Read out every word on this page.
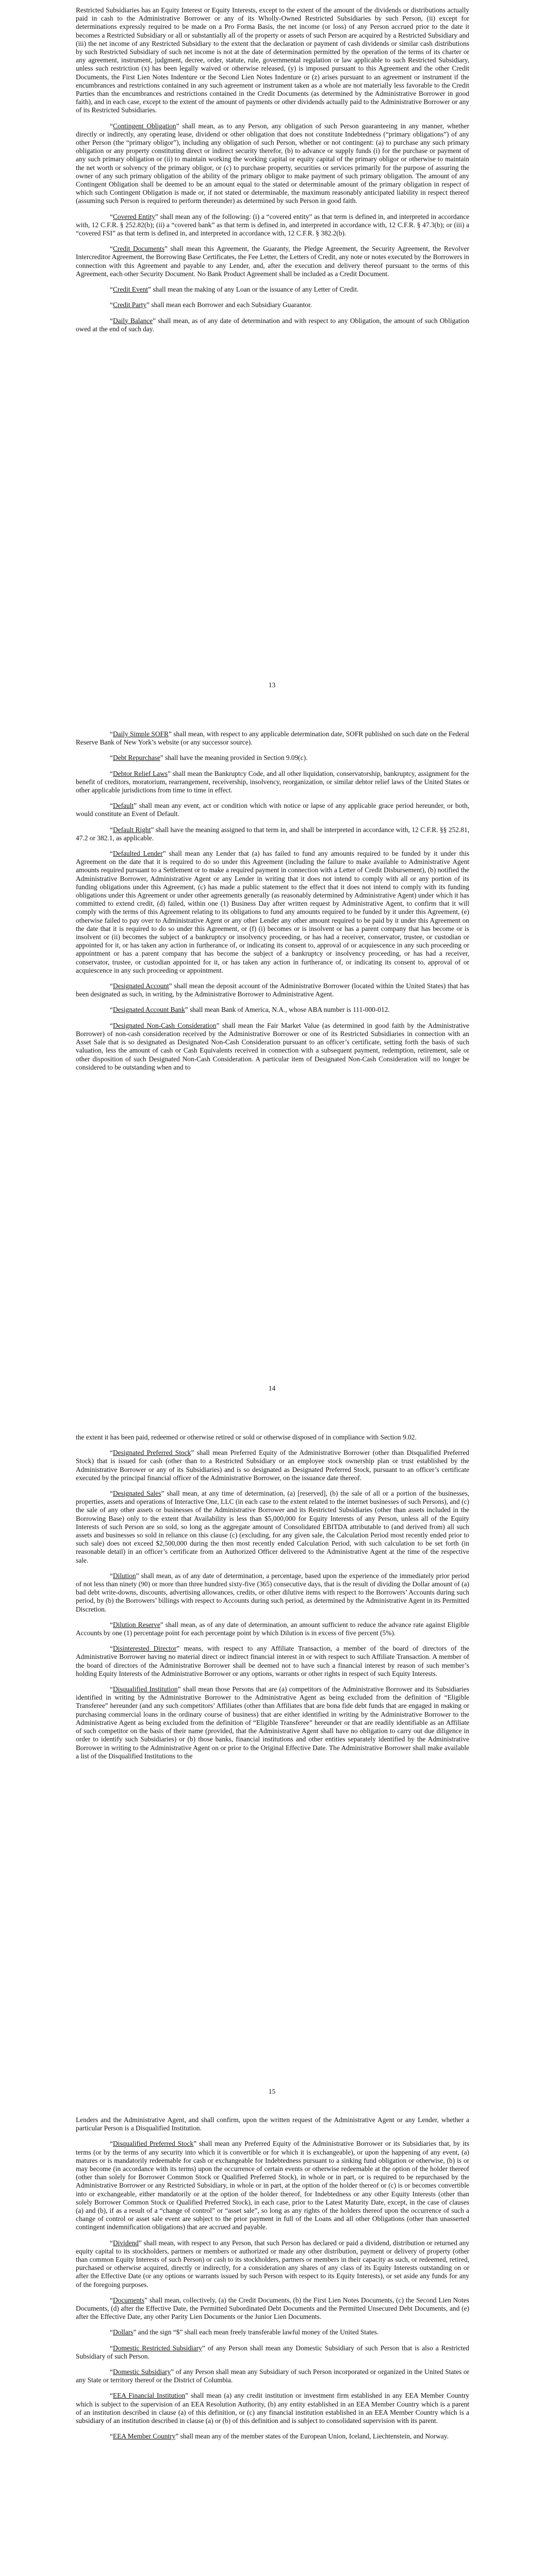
Restricted Subsidiaries has an Equity Interest or Equity Interests, except to the extent of the amount of the dividends or distributions actually paid in cash to the Administrative Borrower or any of its Wholly-Owned Restricted Subsidiaries by such Person, (ii) except for determinations expressly required to be made on a Pro Forma Basis, the net income (or loss) of any Person accrued prior to the date it becomes a Restricted Subsidiary or all or substantially all of the property or assets of such Person are acquired by a Restricted Subsidiary and (iii) the net income of any Restricted Subsidiary to the extent that the declaration or payment of cash dividends or similar cash distributions by such Restricted Subsidiary of such net income is not at the date of determination permitted by the operation of the terms of its charter or any agreement, instrument, judgment, decree, order, statute, rule, governmental regulation or law applicable to such Restricted Subsidiary, unless such restriction (x) has been legally waived or otherwise released, (y) is imposed pursuant to this Agreement and the other Credit Documents, the First Lien Notes Indenture or the Second Lien Notes Indenture or (z) arises pursuant to an agreement or instrument if the encumbrances and restrictions contained in any such agreement or instrument taken as a whole are not materially less favorable to the Credit Parties than the encumbrances and restrictions contained in the Credit Documents (as determined by the Administrative Borrower in good faith), and in each case, except to the extent of the amount of payments or other dividends actually paid to the Administrative Borrower or any of its Restricted Subsidiaries.

“Contingent Obligation” shall mean, as to any Person, any obligation of such Person guaranteeing in any manner, whether directly or indirectly, any operating lease, dividend or other obligation that does not constitute Indebtedness (“primary obligations”) of any other Person (the “primary obligor”), including any obligation of such Person, whether or not contingent: (a) to purchase any such primary obligation or any property constituting direct or indirect security therefor, (b) to advance or supply funds (i) for the purchase or payment of any such primary obligation or (ii) to maintain working the working capital or equity capital of the primary obligor or otherwise to maintain the net worth or solvency of the primary obligor, or (c) to purchase property, securities or services primarily for the purpose of assuring the owner of any such primary obligation of the ability of the primary obligor to make payment of such primary obligation. The amount of any Contingent Obligation shall be deemed to be an amount equal to the stated or determinable amount of the primary obligation in respect of which such Contingent Obligation is made or, if not stated or determinable, the maximum reasonably anticipated liability in respect thereof (assuming such Person is required to perform thereunder) as determined by such Person in good faith.

“Covered Entity” shall mean any of the following: (i) a “covered entity” as that term is defined in, and interpreted in accordance with, 12 C.F.R. § 252.82(b); (ii) a “covered bank” as that term is defined in, and interpreted in accordance with, 12 C.F.R. § 47.3(b); or (iii) a “covered FSI” as that term is defined in, and interpreted in accordance with, 12 C.F.R. § 382.2(b).

“Credit Documents” shall mean this Agreement, the Guaranty, the Pledge Agreement, the Security Agreement, the Revolver Intercreditor Agreement, the Borrowing Base Certificates, the Fee Letter, the Letters of Credit, any note or notes executed by the Borrowers in connection with this Agreement and payable to any Lender, and, after the execution and delivery thereof pursuant to the terms of this Agreement, each other Security Document. No Bank Product Agreement shall be included as a Credit Document.

“Credit Event” shall mean the making of any Loan or the issuance of any Letter of Credit.

“Credit Party” shall mean each Borrower and each Subsidiary Guarantor.

“Daily Balance” shall mean, as of any date of determination and with respect to any Obligation, the amount of such Obligation owed at the end of such day.

13

“Daily Simple SOFR” shall mean, with respect to any applicable determination date, SOFR published on such date on the Federal Reserve Bank of New York’s website (or any successor source).

“Debt Repurchase” shall have the meaning provided in Section 9.09(c).

“Debtor Relief Laws” shall mean the Bankruptcy Code, and all other liquidation, conservatorship, bankruptcy, assignment for the benefit of creditors, moratorium, rearrangement, receivership, insolvency, reorganization, or similar debtor relief laws of the United States or other applicable jurisdictions from time to time in effect.

“Default” shall mean any event, act or condition which with notice or lapse of any applicable grace period hereunder, or both, would constitute an Event of Default.

“Default Right” shall have the meaning assigned to that term in, and shall be interpreted in accordance with, 12 C.F.R. §§ 252.81, 47.2 or 382.1, as applicable.

“Defaulted Lender” shall mean any Lender that (a) has failed to fund any amounts required to be funded by it under this Agreement on the date that it is required to do so under this Agreement (including the failure to make available to Administrative Agent amounts required pursuant to a Settlement or to make a required payment in connection with a Letter of Credit Disbursement), (b) notified the Administrative Borrower, Administrative Agent or any Lender in writing that it does not intend to comply with all or any portion of its funding obligations under this Agreement, (c) has made a public statement to the effect that it does not intend to comply with its funding obligations under this Agreement or under other agreements generally (as reasonably determined by Administrative Agent) under which it has committed to extend credit, (d) failed, within one (1) Business Day after written request by Administrative Agent, to confirm that it will comply with the terms of this Agreement relating to its obligations to fund any amounts required to be funded by it under this Agreement, (e) otherwise failed to pay over to Administrative Agent or any other Lender any other amount required to be paid by it under this Agreement on the date that it is required to do so under this Agreement, or (f) (i) becomes or is insolvent or has a parent company that has become or is insolvent or (ii) becomes the subject of a bankruptcy or insolvency proceeding, or has had a receiver, conservator, trustee, or custodian or appointed for it, or has taken any action in furtherance of, or indicating its consent to, approval of or acquiescence in any such proceeding or appointment or has a parent company that has become the subject of a bankruptcy or insolvency proceeding, or has had a receiver, conservator, trustee, or custodian appointed for it, or has taken any action in furtherance of, or indicating its consent to, approval of or acquiescence in any such proceeding or appointment.

“Designated Account” shall mean the deposit account of the Administrative Borrower (located within the United States) that has been designated as such, in writing, by the Administrative Borrower to Administrative Agent.

“Designated Account Bank” shall mean Bank of America, N.A., whose ABA number is 111-000-012.

“Designated Non-Cash Consideration” shall mean the Fair Market Value (as determined in good faith by the Administrative Borrower) of non-cash consideration received by the Administrative Borrower or one of its Restricted Subsidiaries in connection with an Asset Sale that is so designated as Designated Non-Cash Consideration pursuant to an officer’s certificate, setting forth the basis of such valuation, less the amount of cash or Cash Equivalents received in connection with a subsequent payment, redemption, retirement, sale or other disposition of such Designated Non-Cash Consideration. A particular item of Designated Non-Cash Consideration will no longer be considered to be outstanding when and to

14

the extent it has been paid, redeemed or otherwise retired or sold or otherwise disposed of in compliance with Section 9.02.

“Designated Preferred Stock” shall mean Preferred Equity of the Administrative Borrower (other than Disqualified Preferred Stock) that is issued for cash (other than to a Restricted Subsidiary or an employee stock ownership plan or trust established by the Administrative Borrower or any of its Subsidiaries) and is so designated as Designated Preferred Stock, pursuant to an officer’s certificate executed by the principal financial officer of the Administrative Borrower, on the issuance date thereof.

“Designated Sales” shall mean, at any time of determination, (a) [reserved], (b) the sale of all or a portion of the businesses, properties, assets and operations of Interactive One, LLC (in each case to the extent related to the internet businesses of such Persons), and (c) the sale of any other assets or businesses of the Administrative Borrower and its Restricted Subsidiaries (other than assets included in the Borrowing Base) only to the extent that Availability is less than $5,000,000 for Equity Interests of any Person, unless all of the Equity Interests of such Person are so sold, so long as the aggregate amount of Consolidated EBITDA attributable to (and derived from) all such assets and businesses so sold in reliance on this clause (c) (excluding, for any given sale, the Calculation Period most recently ended prior to such sale) does not exceed $2,500,000 during the then most recently ended Calculation Period, with such calculation to be set forth (in reasonable detail) in an officer’s certificate from an Authorized Officer delivered to the Administrative Agent at the time of the respective sale.

“Dilution” shall mean, as of any date of determination, a percentage, based upon the experience of the immediately prior period of not less than ninety (90) or more than three hundred sixty-five (365) consecutive days, that is the result of dividing the Dollar amount of (a) bad debt write-downs, discounts, advertising allowances, credits, or other dilutive items with respect to the Borrowers’ Accounts during such period, by (b) the Borrowers’ billings with respect to Accounts during such period, as determined by the Administrative Agent in its Permitted Discretion.

“Dilution Reserve” shall mean, as of any date of determination, an amount sufficient to reduce the advance rate against Eligible Accounts by one (1) percentage point for each percentage point by which Dilution is in excess of five percent (5%).

“Disinterested Director” means, with respect to any Affiliate Transaction, a member of the board of directors of the Administrative Borrower having no material direct or indirect financial interest in or with respect to such Affiliate Transaction. A member of the board of directors of the Administrative Borrower shall be deemed not to have such a financial interest by reason of such member’s holding Equity Interests of the Administrative Borrower or any options, warrants or other rights in respect of such Equity Interests.

“Disqualified Institution” shall mean those Persons that are (a) competitors of the Administrative Borrower and its Subsidiaries identified in writing by the Administrative Borrower to the Administrative Agent as being excluded from the definition of “Eligible Transferee” hereunder (and any such competitors’ Affiliates (other than Affiliates that are bona fide debt funds that are engaged in making or purchasing commercial loans in the ordinary course of business) that are either identified in writing by the Administrative Borrower to the Administrative Agent as being excluded from the definition of “Eligible Transferee” hereunder or that are readily identifiable as an Affiliate of such competitor on the basis of their name (provided, that the Administrative Agent shall have no obligation to carry out due diligence in order to identify such Subsidiaries) or (b) those banks, financial institutions and other entities separately identified by the Administrative Borrower in writing to the Administrative Agent on or prior to the Original Effective Date. The Administrative Borrower shall make available a list of the Disqualified Institutions to the

15

Lenders and the Administrative Agent, and shall confirm, upon the written request of the Administrative Agent or any Lender, whether a particular Person is a Disqualified Institution.

“Disqualified Preferred Stock” shall mean any Preferred Equity of the Administrative Borrower or its Subsidiaries that, by its terms (or by the terms of any security into which it is convertible or for which it is exchangeable), or upon the happening of any event, (a) matures or is mandatorily redeemable for cash or exchangeable for Indebtedness pursuant to a sinking fund obligation or otherwise, (b) is or may become (in accordance with its terms) upon the occurrence of certain events or otherwise redeemable at the option of the holder thereof (other than solely for Borrower Common Stock or Qualified Preferred Stock), in whole or in part, or is required to be repurchased by the Administrative Borrower or any Restricted Subsidiary, in whole or in part, at the option of the holder thereof or (c) is or becomes convertible into or exchangeable, either mandatorily or at the option of the holder thereof, for Indebtedness or any other Equity Interests (other than solely Borrower Common Stock or Qualified Preferred Stock), in each case, prior to the Latest Maturity Date, except, in the case of clauses (a) and (b), if as a result of a “change of control” or “asset sale”, so long as any rights of the holders thereof upon the occurrence of such a change of control or asset sale event are subject to the prior payment in full of the Loans and all other Obligations (other than unasserted contingent indemnification obligations) that are accrued and payable.

“Dividend” shall mean, with respect to any Person, that such Person has declared or paid a dividend, distribution or returned any equity capital to its stockholders, partners or members or authorized or made any other distribution, payment or delivery of property (other than common Equity Interests of such Person) or cash to its stockholders, partners or members in their capacity as such, or redeemed, retired, purchased or otherwise acquired, directly or indirectly, for a consideration any shares of any class of its Equity Interests outstanding on or after the Effective Date (or any options or warrants issued by such Person with respect to its Equity Interests), or set aside any funds for any of the foregoing purposes.

“Documents” shall mean, collectively, (a) the Credit Documents, (b) the First Lien Notes Documents, (c) the Second Lien Notes Documents, (d) after the Effective Date, the Permitted Subordinated Debt Documents and the Permitted Unsecured Debt Documents, and (e) after the Effective Date, any other Parity Lien Documents or the Junior Lien Documents.

“Dollars” and the sign “$” shall each mean freely transferable lawful money of the United States.

“Domestic Restricted Subsidiary” of any Person shall mean any Domestic Subsidiary of such Person that is also a Restricted Subsidiary of such Person.

“Domestic Subsidiary” of any Person shall mean any Subsidiary of such Person incorporated or organized in the United States or any State or territory thereof or the District of Columbia.

“EEA Financial Institution” shall mean (a) any credit institution or investment firm established in any EEA Member Country which is subject to the supervision of an EEA Resolution Authority, (b) any entity established in an EEA Member Country which is a parent of an institution described in clause (a) of this definition, or (c) any financial institution established in an EEA Member Country which is a subsidiary of an institution described in clause (a) or (b) of this definition and is subject to consolidated supervision with its parent.

“EEA Member Country” shall mean any of the member states of the European Union, Iceland, Liechtenstein, and Norway.
